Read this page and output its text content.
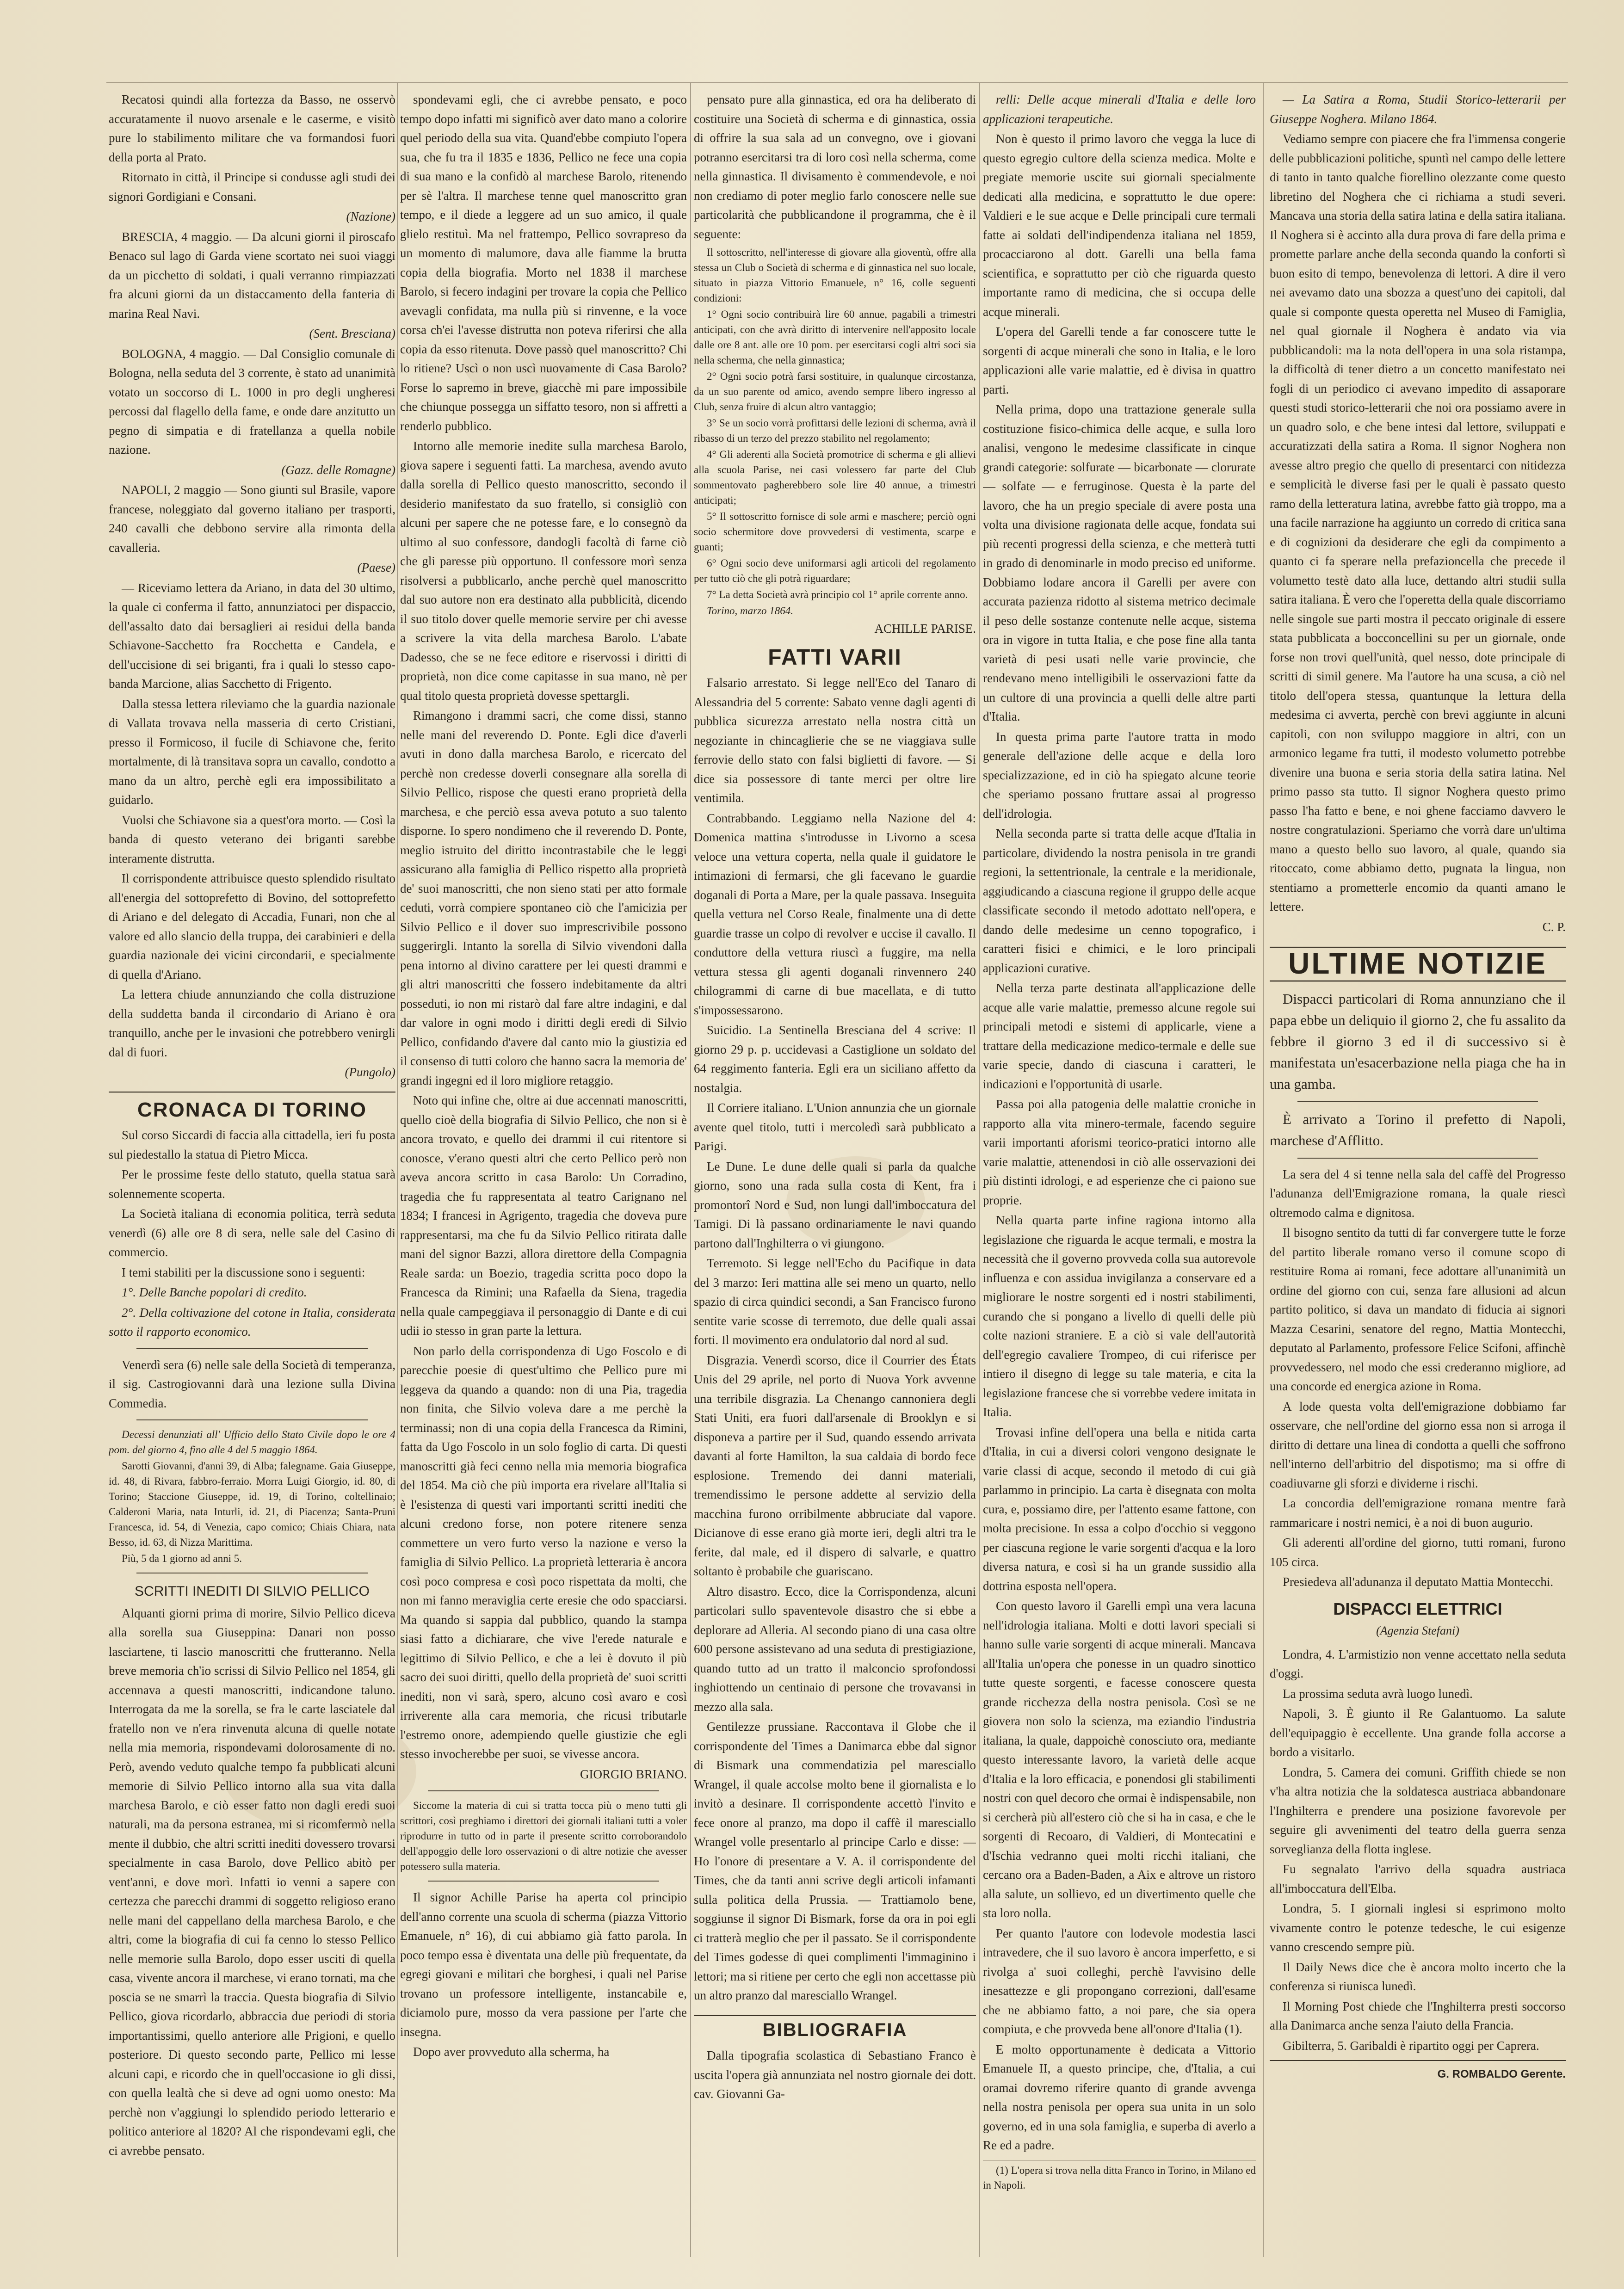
Recatosi quindi alla fortezza da Basso, ne osservò accuratamente il nuovo arsenale e le caserme, e visitò pure lo stabilimento militare che va formandosi fuori della porta al Prato.

Ritornato in città, il Principe si condusse agli studi dei signori Gordigiani e Consani.

(Nazione)

BRESCIA, 4 maggio. — Da alcuni giorni il piroscafo Benaco sul lago di Garda viene scortato nei suoi viaggi da un picchetto di soldati, i quali verranno rimpiazzati fra alcuni giorni da un distaccamento della fanteria di marina Real Navi.

(Sent. Bresciana)

BOLOGNA, 4 maggio. — Dal Consiglio comunale di Bologna, nella seduta del 3 corrente, è stato ad unanimità votato un soccorso di L. 1000 in pro degli ungheresi percossi dal flagello della fame, e onde dare anzitutto un pegno di simpatia e di fratellanza a quella nobile nazione.

(Gazz. delle Romagne)

NAPOLI, 2 maggio — Sono giunti sul Brasile, vapore francese, noleggiato dal governo italiano per trasporti, 240 cavalli che debbono servire alla rimonta della cavalleria.

(Paese)

— Riceviamo lettera da Ariano, in data del 30 ultimo, la quale ci conferma il fatto, annunziatoci per dispaccio, dell'assalto dato dai bersaglieri ai residui della banda Schiavone-Sacchetto fra Rocchetta e Candela, e dell'uccisione di sei briganti, fra i quali lo stesso capo-banda Marcione, alias Sacchetto di Frigento.

Dalla stessa lettera rileviamo che la guardia nazionale di Vallata trovava nella masseria di certo Cristiani, presso il Formicoso, il fucile di Schiavone che, ferito mortalmente, di là transitava sopra un cavallo, condotto a mano da un altro, perchè egli era impossibilitato a guidarlo.

Vuolsi che Schiavone sia a quest'ora morto. — Così la banda di questo veterano dei briganti sarebbe interamente distrutta.

Il corrispondente attribuisce questo splendido risultato all'energia del sottoprefetto di Bovino, del sottoprefetto di Ariano e del delegato di Accadia, Funari, non che al valore ed allo slancio della truppa, dei carabinieri e della guardia nazionale dei vicini circondarii, e specialmente di quella d'Ariano.

La lettera chiude annunziando che colla distruzione della suddetta banda il circondario di Ariano è ora tranquillo, anche per le invasioni che potrebbero venirgli dal di fuori.

(Pungolo)

CRONACA DI TORINO

Sul corso Siccardi di faccia alla cittadella, ieri fu posta sul piedestallo la statua di Pietro Micca.

Per le prossime feste dello statuto, quella statua sarà solennemente scoperta.

La Società italiana di economia politica, terrà seduta venerdì (6) alle ore 8 di sera, nelle sale del Casino di commercio.

I temi stabiliti per la discussione sono i seguenti:

1°. Delle Banche popolari di credito.

2°. Della coltivazione del cotone in Italia, considerata sotto il rapporto economico.

Venerdì sera (6) nelle sale della Società di temperanza, il sig. Castrogiovanni darà una lezione sulla Divina Commedia.

Decessi denunziati all' Ufficio dello Stato Civile dopo le ore 4 pom. del giorno 4, fino alle 4 del 5 maggio 1864.

Sarotti Giovanni, d'anni 39, di Alba; falegname. Gaia Giuseppe, id. 48, di Rivara, fabbro-ferraio. Morra Luigi Giorgio, id. 80, di Torino; Staccione Giuseppe, id. 19, di Torino, coltellinaio; Calderoni Maria, nata Inturli, id. 21, di Piacenza; Santa-Pruni Francesca, id. 54, di Venezia, capo comico; Chiais Chiara, nata Besso, id. 63, di Nizza Marittima.

Più, 5 da 1 giorno ad anni 5.

SCRITTI INEDITI DI SILVIO PELLICO

Alquanti giorni prima di morire, Silvio Pellico diceva alla sorella sua Giuseppina: Danari non posso lasciartene, ti lascio manoscritti che frutteranno. Nella breve memoria ch'io scrissi di Silvio Pellico nel 1854, gli accennava a questi manoscritti, indicandone taluno. Interrogata da me la sorella, se fra le carte lasciatele dal fratello non ve n'era rinvenuta alcuna di quelle notate nella mia memoria, rispondevami dolorosamente di no. Però, avendo veduto qualche tempo fa pubblicati alcuni memorie di Silvio Pellico intorno alla sua vita dalla marchesa Barolo, e ciò esser fatto non dagli eredi suoi naturali, ma da persona estranea, mi si ricomfermò nella mente il dubbio, che altri scritti inediti dovessero trovarsi specialmente in casa Barolo, dove Pellico abitò per vent'anni, e dove morì. Infatti io venni a sapere con certezza che parecchi drammi di soggetto religioso erano nelle mani del cappellano della marchesa Barolo, e che altri, come la biografia di cui fa cenno lo stesso Pellico nelle memorie sulla Barolo, dopo esser usciti di quella casa, vivente ancora il marchese, vi erano tornati, ma che poscia se ne smarrì la traccia. Questa biografia di Silvio Pellico, giova ricordarlo, abbraccia due periodi di storia importantissimi, quello anteriore alle Prigioni, e quello posteriore. Di questo secondo parte, Pellico mi lesse alcuni capi, e ricordo che in quell'occasione io gli dissi, con quella lealtà che si deve ad ogni uomo onesto: Ma perchè non v'aggiungi lo splendido periodo letterario e politico anteriore al 1820? Al che rispondevami egli, che ci avrebbe pensato.

spondevami egli, che ci avrebbe pensato, e poco tempo dopo infatti mi significò aver dato mano a colorire quel periodo della sua vita. Quand'ebbe compiuto l'opera sua, che fu tra il 1835 e 1836, Pellico ne fece una copia di sua mano e la confidò al marchese Barolo, ritenendo per sè l'altra. Il marchese tenne quel manoscritto gran tempo, e il diede a leggere ad un suo amico, il quale glielo restituì. Ma nel frattempo, Pellico sovrapreso da un momento di malumore, dava alle fiamme la brutta copia della biografia. Morto nel 1838 il marchese Barolo, si fecero indagini per trovare la copia che Pellico avevagli confidata, ma nulla più si rinvenne, e la voce corsa ch'ei l'avesse distrutta non poteva riferirsi che alla copia da esso ritenuta. Dove passò quel manoscritto? Chi lo ritiene? Uscì o non uscì nuovamente di Casa Barolo? Forse lo sapremo in breve, giacchè mi pare impossibile che chiunque possegga un siffatto tesoro, non si affretti a renderlo pubblico.

Intorno alle memorie inedite sulla marchesa Barolo, giova sapere i seguenti fatti. La marchesa, avendo avuto dalla sorella di Pellico questo manoscritto, secondo il desiderio manifestato da suo fratello, si consigliò con alcuni per sapere che ne potesse fare, e lo consegnò da ultimo al suo confessore, dandogli facoltà di farne ciò che gli paresse più opportuno. Il confessore morì senza risolversi a pubblicarlo, anche perchè quel manoscritto dal suo autore non era destinato alla pubblicità, dicendo il suo titolo dover quelle memorie servire per chi avesse a scrivere la vita della marchesa Barolo. L'abate Dadesso, che se ne fece editore e riservossi i diritti di proprietà, non dice come capitasse in sua mano, nè per qual titolo questa proprietà dovesse spettargli.

Rimangono i drammi sacri, che come dissi, stanno nelle mani del reverendo D. Ponte. Egli dice d'averli avuti in dono dalla marchesa Barolo, e ricercato del perchè non credesse doverli consegnare alla sorella di Silvio Pellico, rispose che questi erano proprietà della marchesa, e che perciò essa aveva potuto a suo talento disporne. Io spero nondimeno che il reverendo D. Ponte, meglio istruito del diritto incontrastabile che le leggi assicurano alla famiglia di Pellico rispetto alla proprietà de' suoi manoscritti, che non sieno stati per atto formale ceduti, vorrà compiere spontaneo ciò che l'amicizia per Silvio Pellico e il dover suo imprescrivibile possono suggerirgli. Intanto la sorella di Silvio vivendoni dalla pena intorno al divino carattere per lei questi drammi e gli altri manoscritti che fossero indebitamente da altri posseduti, io non mi ristarò dal fare altre indagini, e dal dar valore in ogni modo i diritti degli eredi di Silvio Pellico, confidando d'avere dal canto mio la giustizia ed il consenso di tutti coloro che hanno sacra la memoria de' grandi ingegni ed il loro migliore retaggio.

Noto qui infine che, oltre ai due accennati manoscritti, quello cioè della biografia di Silvio Pellico, che non si è ancora trovato, e quello dei drammi il cui ritentore si conosce, v'erano questi altri che certo Pellico però non aveva ancora scritto in casa Barolo: Un Corradino, tragedia che fu rappresentata al teatro Carignano nel 1834; I francesi in Agrigento, tragedia che doveva pure rappresentarsi, ma che fu da Silvio Pellico ritirata dalle mani del signor Bazzi, allora direttore della Compagnia Reale sarda: un Boezio, tragedia scritta poco dopo la Francesca da Rimini; una Rafaella da Siena, tragedia nella quale campeggiava il personaggio di Dante e di cui udii io stesso in gran parte la lettura.

Non parlo della corrispondenza di Ugo Foscolo e di parecchie poesie di quest'ultimo che Pellico pure mi leggeva da quando a quando: non di una Pia, tragedia non finita, che Silvio voleva dare a me perchè la terminassi; non di una copia della Francesca da Rimini, fatta da Ugo Foscolo in un solo foglio di carta. Di questi manoscritti già feci cenno nella mia memoria biografica del 1854. Ma ciò che più importa era rivelare all'Italia si è l'esistenza di questi vari importanti scritti inediti che alcuni credono forse, non potere ritenere senza commettere un vero furto verso la nazione e verso la famiglia di Silvio Pellico. La proprietà letteraria è ancora così poco compresa e così poco rispettata da molti, che non mi fanno meraviglia certe eresie che odo spacciarsi. Ma quando si sappia dal pubblico, quando la stampa siasi fatto a dichiarare, che vive l'erede naturale e legittimo di Silvio Pellico, e che a lei è dovuto il più sacro dei suoi diritti, quello della proprietà de' suoi scritti inediti, non vi sarà, spero, alcuno così avaro e così irriverente alla cara memoria, che ricusi tributarle l'estremo onore, adempiendo quelle giustizie che egli stesso invocherebbe per suoi, se vivesse ancora.

GIORGIO BRIANO.

Siccome la materia di cui si tratta tocca più o meno tutti gli scrittori, così preghiamo i direttori dei giornali italiani tutti a voler riprodurre in tutto od in parte il presente scritto corroborandolo dell'appoggio delle loro osservazioni o di altre notizie che avesser potessero sulla materia.

Il signor Achille Parise ha aperta col principio dell'anno corrente una scuola di scherma (piazza Vittorio Emanuele, n° 16), di cui abbiamo già fatto parola. In poco tempo essa è diventata una delle più frequentate, da egregi giovani e militari che borghesi, i quali nel Parise trovano un professore intelligente, instancabile e, diciamolo pure, mosso da vera passione per l'arte che insegna.

Dopo aver provveduto alla scherma, ha

pensato pure alla ginnastica, ed ora ha deliberato di costituire una Società di scherma e di ginnastica, ossia di offrire la sua sala ad un convegno, ove i giovani potranno esercitarsi tra di loro così nella scherma, come nella ginnastica. Il divisamento è commendevole, e noi non crediamo di poter meglio farlo conoscere nelle sue particolarità che pubblicandone il programma, che è il seguente:

Il sottoscritto, nell'interesse di giovare alla gioventù, offre alla stessa un Club o Società di scherma e di ginnastica nel suo locale, situato in piazza Vittorio Emanuele, n° 16, colle seguenti condizioni:

1° Ogni socio contribuirà lire 60 annue, pagabili a trimestri anticipati, con che avrà diritto di intervenire nell'apposito locale dalle ore 8 ant. alle ore 10 pom. per esercitarsi cogli altri soci sia nella scherma, che nella ginnastica;

2° Ogni socio potrà farsi sostituire, in qualunque circostanza, da un suo parente od amico, avendo sempre libero ingresso al Club, senza fruire di alcun altro vantaggio;

3° Se un socio vorrà profittarsi delle lezioni di scherma, avrà il ribasso di un terzo del prezzo stabilito nel regolamento;

4° Gli aderenti alla Società promotrice di scherma e gli allievi alla scuola Parise, nei casi volessero far parte del Club sommentovato pagherebbero sole lire 40 annue, a trimestri anticipati;

5° Il sottoscritto fornisce di sole armi e maschere; perciò ogni socio schermitore dove provvedersi di vestimenta, scarpe e guanti;

6° Ogni socio deve uniformarsi agli articoli del regolamento per tutto ciò che gli potrà riguardare;

7° La detta Società avrà principio col 1° aprile corrente anno.

Torino, marzo 1864.

ACHILLE PARISE.

FATTI VARII

Falsario arrestato. Si legge nell'Eco del Tanaro di Alessandria del 5 corrente: Sabato venne dagli agenti di pubblica sicurezza arrestato nella nostra città un negoziante in chincaglierie che se ne viaggiava sulle ferrovie dello stato con falsi biglietti di favore. — Si dice sia possessore di tante merci per oltre lire ventimila.

Contrabbando. Leggiamo nella Nazione del 4: Domenica mattina s'introdusse in Livorno a scesa veloce una vettura coperta, nella quale il guidatore le intimazioni di fermarsi, che gli facevano le guardie doganali di Porta a Mare, per la quale passava. Inseguita quella vettura nel Corso Reale, finalmente una di dette guardie trasse un colpo di revolver e uccise il cavallo. Il conduttore della vettura riuscì a fuggire, ma nella vettura stessa gli agenti doganali rinvennero 240 chilogrammi di carne di bue macellata, e di tutto s'impossessarono.

Suicidio. La Sentinella Bresciana del 4 scrive: Il giorno 29 p. p. uccidevasi a Castiglione un soldato del 64 reggimento fanteria. Egli era un siciliano affetto da nostalgia.

Il Corriere italiano. L'Union annunzia che un giornale avente quel titolo, tutti i mercoledì sarà pubblicato a Parigi.

Le Dune. Le dune delle quali si parla da qualche giorno, sono una rada sulla costa di Kent, fra i promontorî Nord e Sud, non lungi dall'imboccatura del Tamigi. Di là passano ordinariamente le navi quando partono dall'Inghilterra o vi giungono.

Terremoto. Si legge nell'Echo du Pacifique in data del 3 marzo: Ieri mattina alle sei meno un quarto, nello spazio di circa quindici secondi, a San Francisco furono sentite varie scosse di terremoto, due delle quali assai forti. Il movimento era ondulatorio dal nord al sud.

Disgrazia. Venerdì scorso, dice il Courrier des États Unis del 29 aprile, nel porto di Nuova York avvenne una terribile disgrazia. La Chenango cannoniera degli Stati Uniti, era fuori dall'arsenale di Brooklyn e si disponeva a partire per il Sud, quando essendo arrivata davanti al forte Hamilton, la sua caldaia di bordo fece esplosione. Tremendo dei danni materiali, tremendissimo le persone addette al servizio della macchina furono orribilmente abbruciate dal vapore. Dicianove di esse erano già morte ieri, degli altri tra le ferite, dal male, ed il dispero di salvarle, e quattro soltanto è probabile che guariscano.

Altro disastro. Ecco, dice la Corrispondenza, alcuni particolari sullo spaventevole disastro che si ebbe a deplorare ad Alleria. Al secondo piano di una casa oltre 600 persone assistevano ad una seduta di prestigiazione, quando tutto ad un tratto il malconcio sprofondossi inghiottendo un centinaio di persone che trovavansi in mezzo alla sala.

Gentilezze prussiane. Raccontava il Globe che il corrispondente del Times a Danimarca ebbe dal signor di Bismark una commendatizia pel maresciallo Wrangel, il quale accolse molto bene il giornalista e lo invitò a desinare. Il corrispondente accettò l'invito e fece onore al pranzo, ma dopo il caffè il maresciallo Wrangel volle presentarlo al principe Carlo e disse: — Ho l'onore di presentare a V. A. il corrispondente del Times, che da tanti anni scrive degli articoli infamanti sulla politica della Prussia. — Trattiamolo bene, soggiunse il signor Di Bismark, forse da ora in poi egli ci tratterà meglio che per il passato. Se il corrispondente del Times godesse di quei complimenti l'immaginino i lettori; ma si ritiene per certo che egli non accettasse più un altro pranzo dal maresciallo Wrangel.

BIBLIOGRAFIA

Dalla tipografia scolastica di Sebastiano Franco è uscita l'opera già annunziata nel nostro giornale dei dott. cav. Giovanni Ga-

relli: Delle acque minerali d'Italia e delle loro applicazioni terapeutiche.

Non è questo il primo lavoro che vegga la luce di questo egregio cultore della scienza medica. Molte e pregiate memorie uscite sui giornali specialmente dedicati alla medicina, e soprattutto le due opere: Valdieri e le sue acque e Delle principali cure termali fatte ai soldati dell'indipendenza italiana nel 1859, procacciarono al dott. Garelli una bella fama scientifica, e soprattutto per ciò che riguarda questo importante ramo di medicina, che si occupa delle acque minerali.

L'opera del Garelli tende a far conoscere tutte le sorgenti di acque minerali che sono in Italia, e le loro applicazioni alle varie malattie, ed è divisa in quattro parti.

Nella prima, dopo una trattazione generale sulla costituzione fisico-chimica delle acque, e sulla loro analisi, vengono le medesime classificate in cinque grandi categorie: solfurate — bicarbonate — clorurate — solfate — e ferruginose. Questa è la parte del lavoro, che ha un pregio speciale di avere posta una volta una divisione ragionata delle acque, fondata sui più recenti progressi della scienza, e che metterà tutti in grado di denominarle in modo preciso ed uniforme. Dobbiamo lodare ancora il Garelli per avere con accurata pazienza ridotto al sistema metrico decimale il peso delle sostanze contenute nelle acque, sistema ora in vigore in tutta Italia, e che pose fine alla tanta varietà di pesi usati nelle varie provincie, che rendevano meno intelligibili le osservazioni fatte da un cultore di una provincia a quelli delle altre parti d'Italia.

In questa prima parte l'autore tratta in modo generale dell'azione delle acque e della loro specializzazione, ed in ciò ha spiegato alcune teorie che speriamo possano fruttare assai al progresso dell'idrologia.

Nella seconda parte si tratta delle acque d'Italia in particolare, dividendo la nostra penisola in tre grandi regioni, la settentrionale, la centrale e la meridionale, aggiudicando a ciascuna regione il gruppo delle acque classificate secondo il metodo adottato nell'opera, e dando delle medesime un cenno topografico, i caratteri fisici e chimici, e le loro principali applicazioni curative.

Nella terza parte destinata all'applicazione delle acque alle varie malattie, premesso alcune regole sui principali metodi e sistemi di applicarle, viene a trattare della medicazione medico-termale e delle sue varie specie, dando di ciascuna i caratteri, le indicazioni e l'opportunità di usarle.

Passa poi alla patogenia delle malattie croniche in rapporto alla vita minero-termale, facendo seguire varii importanti aforismi teorico-pratici intorno alle varie malattie, attenendosi in ciò alle osservazioni dei più distinti idrologi, e ad esperienze che ci paiono sue proprie.

Nella quarta parte infine ragiona intorno alla legislazione che riguarda le acque termali, e mostra la necessità che il governo provveda colla sua autorevole influenza e con assidua invigilanza a conservare ed a migliorare le nostre sorgenti ed i nostri stabilimenti, curando che si pongano a livello di quelli delle più colte nazioni straniere. E a ciò si vale dell'autorità dell'egregio cavaliere Trompeo, di cui riferisce per intiero il disegno di legge su tale materia, e cita la legislazione francese che si vorrebbe vedere imitata in Italia.

Trovasi infine dell'opera una bella e nitida carta d'Italia, in cui a diversi colori vengono designate le varie classi di acque, secondo il metodo di cui già parlammo in principio. La carta è disegnata con molta cura, e, possiamo dire, per l'attento esame fattone, con molta precisione. In essa a colpo d'occhio si veggono per ciascuna regione le varie sorgenti d'acqua e la loro diversa natura, e così si ha un grande sussidio alla dottrina esposta nell'opera.

Con questo lavoro il Garelli empì una vera lacuna nell'idrologia italiana. Molti e dotti lavori speciali si hanno sulle varie sorgenti di acque minerali. Mancava all'Italia un'opera che ponesse in un quadro sinottico tutte queste sorgenti, e facesse conoscere questa grande ricchezza della nostra penisola. Così se ne giovera non solo la scienza, ma eziandio l'industria italiana, la quale, dappoichè conosciuto ora, mediante questo interessante lavoro, la varietà delle acque d'Italia e la loro efficacia, e ponendosi gli stabilimenti nostri con quel decoro che ormai è indispensabile, non si cercherà più all'estero ciò che si ha in casa, e che le sorgenti di Recoaro, di Valdieri, di Montecatini e d'Ischia vedranno quei molti ricchi italiani, che cercano ora a Baden-Baden, a Aix e altrove un ristoro alla salute, un sollievo, ed un divertimento quelle che sta loro nolla.

Per quanto l'autore con lodevole modestia lasci intravedere, che il suo lavoro è ancora imperfetto, e si rivolga a' suoi colleghi, perchè l'avvisino delle inesattezze e gli propongano correzioni, dall'esame che ne abbiamo fatto, a noi pare, che sia opera compiuta, e che provveda bene all'onore d'Italia (1).

E molto opportunamente è dedicata a Vittorio Emanuele II, a questo principe, che, d'Italia, a cui oramai dovremo riferire quanto di grande avvenga nella nostra penisola per opera sua unita in un solo governo, ed in una sola famiglia, e superba di averlo a Re ed a padre.

(1) L'opera si trova nella ditta Franco in Torino, in Milano ed in Napoli.

— La Satira a Roma, Studii Storico-letterarii per Giuseppe Noghera. Milano 1864.

Vediamo sempre con piacere che fra l'immensa congerie delle pubblicazioni politiche, spuntì nel campo delle lettere di tanto in tanto qualche fiorellino olezzante come questo libretino del Noghera che ci richiama a studi severi. Mancava una storia della satira latina e della satira italiana. Il Noghera si è accinto alla dura prova di fare della prima e promette parlare anche della seconda quando la conforti sì buon esito di tempo, benevolenza di lettori. A dire il vero nei avevamo dato una sbozza a quest'uno dei capitoli, dal quale si componte questa operetta nel Museo di Famiglia, nel qual giornale il Noghera è andato via via pubblicandoli: ma la nota dell'opera in una sola ristampa, la difficoltà di tener dietro a un concetto manifestato nei fogli di un periodico ci avevano impedito di assaporare questi studi storico-letterarii che noi ora possiamo avere in un quadro solo, e che bene intesi dal lettore, sviluppati e accuratizzati della satira a Roma. Il signor Noghera non avesse altro pregio che quello di presentarci con nitidezza e semplicità le diverse fasi per le quali è passato questo ramo della letteratura latina, avrebbe fatto già troppo, ma a una facile narrazione ha aggiunto un corredo di critica sana e di cognizioni da desiderare che egli da compimento a quanto ci fa sperare nella prefazioncella che precede il volumetto testè dato alla luce, dettando altri studii sulla satira italiana. È vero che l'operetta della quale discorriamo nelle singole sue parti mostra il peccato originale di essere stata pubblicata a bocconcellini su per un giornale, onde forse non trovi quell'unità, quel nesso, dote principale di scritti di simil genere. Ma l'autore ha una scusa, a ciò nel titolo dell'opera stessa, quantunque la lettura della medesima ci avverta, perchè con brevi aggiunte in alcuni capitoli, con non sviluppo maggiore in altri, con un armonico legame fra tutti, il modesto volumetto potrebbe divenire una buona e seria storia della satira latina. Nel primo passo sta tutto. Il signor Noghera questo primo passo l'ha fatto e bene, e noi ghene facciamo davvero le nostre congratulazioni. Speriamo che vorrà dare un'ultima mano a questo bello suo lavoro, al quale, quando sia ritoccato, come abbiamo detto, pugnata la lingua, non stentiamo a prometterle encomio da quanti amano le lettere.

C. P.

ULTIME NOTIZIE

Dispacci particolari di Roma annunziano che il papa ebbe un deliquio il giorno 2, che fu assalito da febbre il giorno 3 ed il di successivo si è manifestata un'esacerbazione nella piaga che ha in una gamba.

È arrivato a Torino il prefetto di Napoli, marchese d'Afflitto.

La sera del 4 si tenne nella sala del caffè del Progresso l'adunanza dell'Emigrazione romana, la quale riescì oltremodo calma e dignitosa.

Il bisogno sentito da tutti di far convergere tutte le forze del partito liberale romano verso il comune scopo di restituire Roma ai romani, fece adottare all'unanimità un ordine del giorno con cui, senza fare allusioni ad alcun partito politico, si dava un mandato di fiducia ai signori Mazza Cesarini, senatore del regno, Mattia Montecchi, deputato al Parlamento, professore Felice Scifoni, affinchè provvedessero, nel modo che essi crederanno migliore, ad una concorde ed energica azione in Roma.

A lode questa volta dell'emigrazione dobbiamo far osservare, che nell'ordine del giorno essa non si arroga il diritto di dettare una linea di condotta a quelli che soffrono nell'interno dell'arbitrio del dispotismo; ma si offre di coadiuvarne gli sforzi e dividerne i rischi.

La concordia dell'emigrazione romana mentre farà rammaricare i nostri nemici, è a noi di buon augurio.

Gli aderenti all'ordine del giorno, tutti romani, furono 105 circa.

Presiedeva all'adunanza il deputato Mattia Montecchi.

DISPACCI ELETTRICI
(Agenzia Stefani)

Londra, 4. L'armistizio non venne accettato nella seduta d'oggi.

La prossima seduta avrà luogo lunedì.

Napoli, 3. È giunto il Re Galantuomo. La salute dell'equipaggio è eccellente. Una grande folla accorse a bordo a visitarlo.

Londra, 5. Camera dei comuni. Griffith chiede se non v'ha altra notizia che la soldatesca austriaca abbandonare l'Inghilterra e prendere una posizione favorevole per seguire gli avvenimenti del teatro della guerra senza sorveglianza della flotta inglese.

Fu segnalato l'arrivo della squadra austriaca all'imboccatura dell'Elba.

Londra, 5. I giornali inglesi si esprimono molto vivamente contro le potenze tedesche, le cui esigenze vanno crescendo sempre più.

Il Daily News dice che è ancora molto incerto che la conferenza si riunisca lunedì.

Il Morning Post chiede che l'Inghilterra presti soccorso alla Danimarca anche senza l'aiuto della Francia.

Gibilterra, 5. Garibaldi è ripartito oggi per Caprera.

G. ROMBALDO Gerente.
